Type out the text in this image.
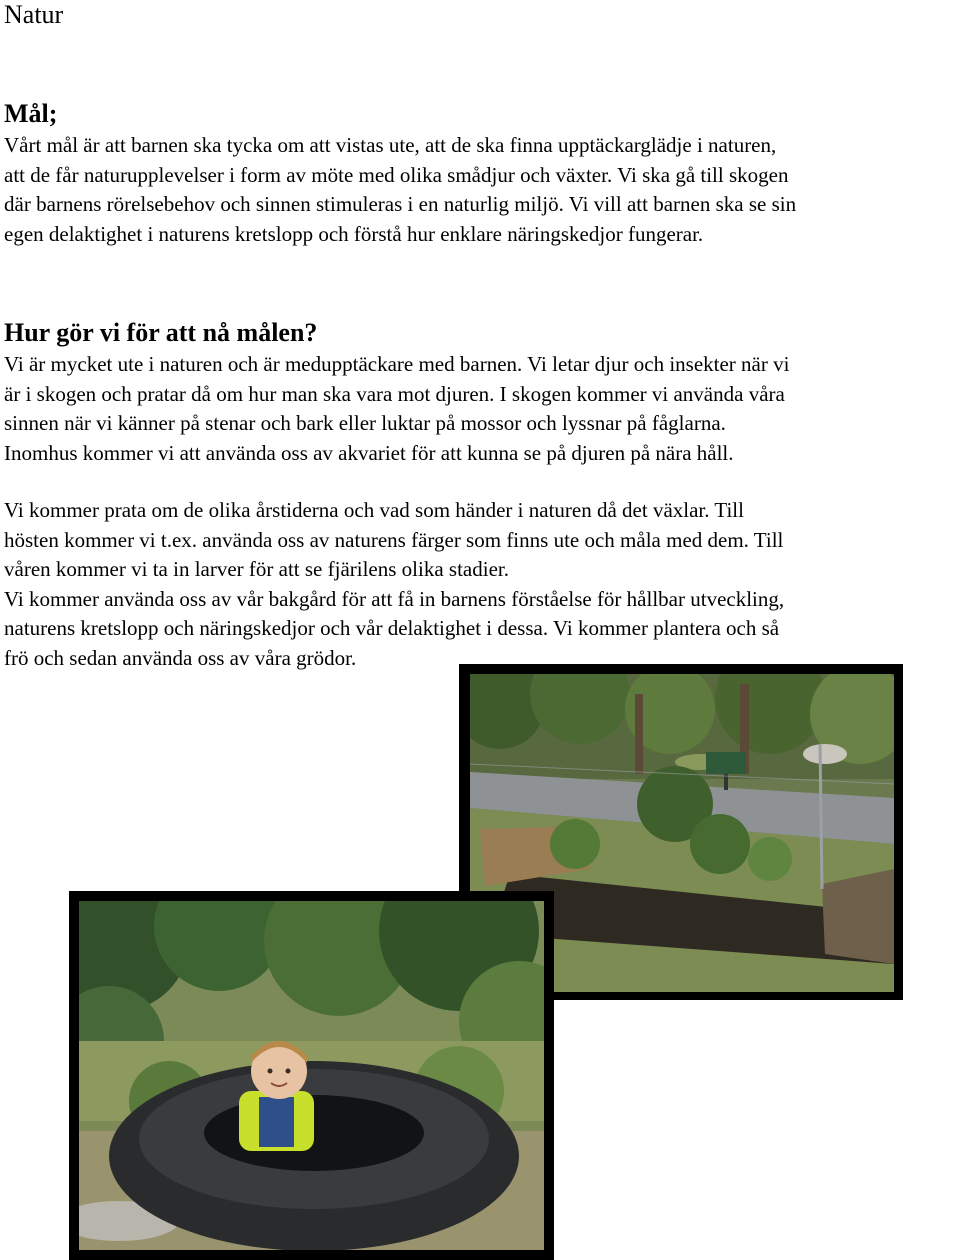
Natur
Mål;

Vårt mål är att barnen ska tycka om att vistas ute, att de ska finna upptäckarglädje i naturen,
att de får naturupplevelser i form av möte med olika smådjur och växter. Vi ska gå till skogen
där barnens rörelsebehov och sinnen stimuleras i en naturlig miljö. Vi vill att barnen ska se sin
egen delaktighet i naturens kretslopp och förstå hur enklare näringskedjor fungerar.

Hur gör vi för att nå målen?

Vi är mycket ute i naturen och är medupptäckare med barnen. Vi letar djur och insekter när vi
är i skogen och pratar då om hur man ska vara mot djuren. I skogen kommer vi använda våra
sinnen när vi känner på stenar och bark eller luktar på mossor och lyssnar på fåglarna.
Inomhus kommer vi att använda oss av akvariet för att kunna se på djuren på nära håll.

Vi kommer prata om de olika årstiderna och vad som händer i naturen då det växlar. Till
hösten kommer vi t.ex. använda oss av naturens färger som finns ute och måla med dem. Till
våren kommer vi ta in larver för att se fjärilens olika stadier.
Vi kommer använda oss av vår bakgård för att få in barnens förståelse för hållbar utveckling,
naturens kretslopp och näringskedjor och vår delaktighet i dessa. Vi kommer plantera och så
frö och sedan använda oss av våra grödor.
